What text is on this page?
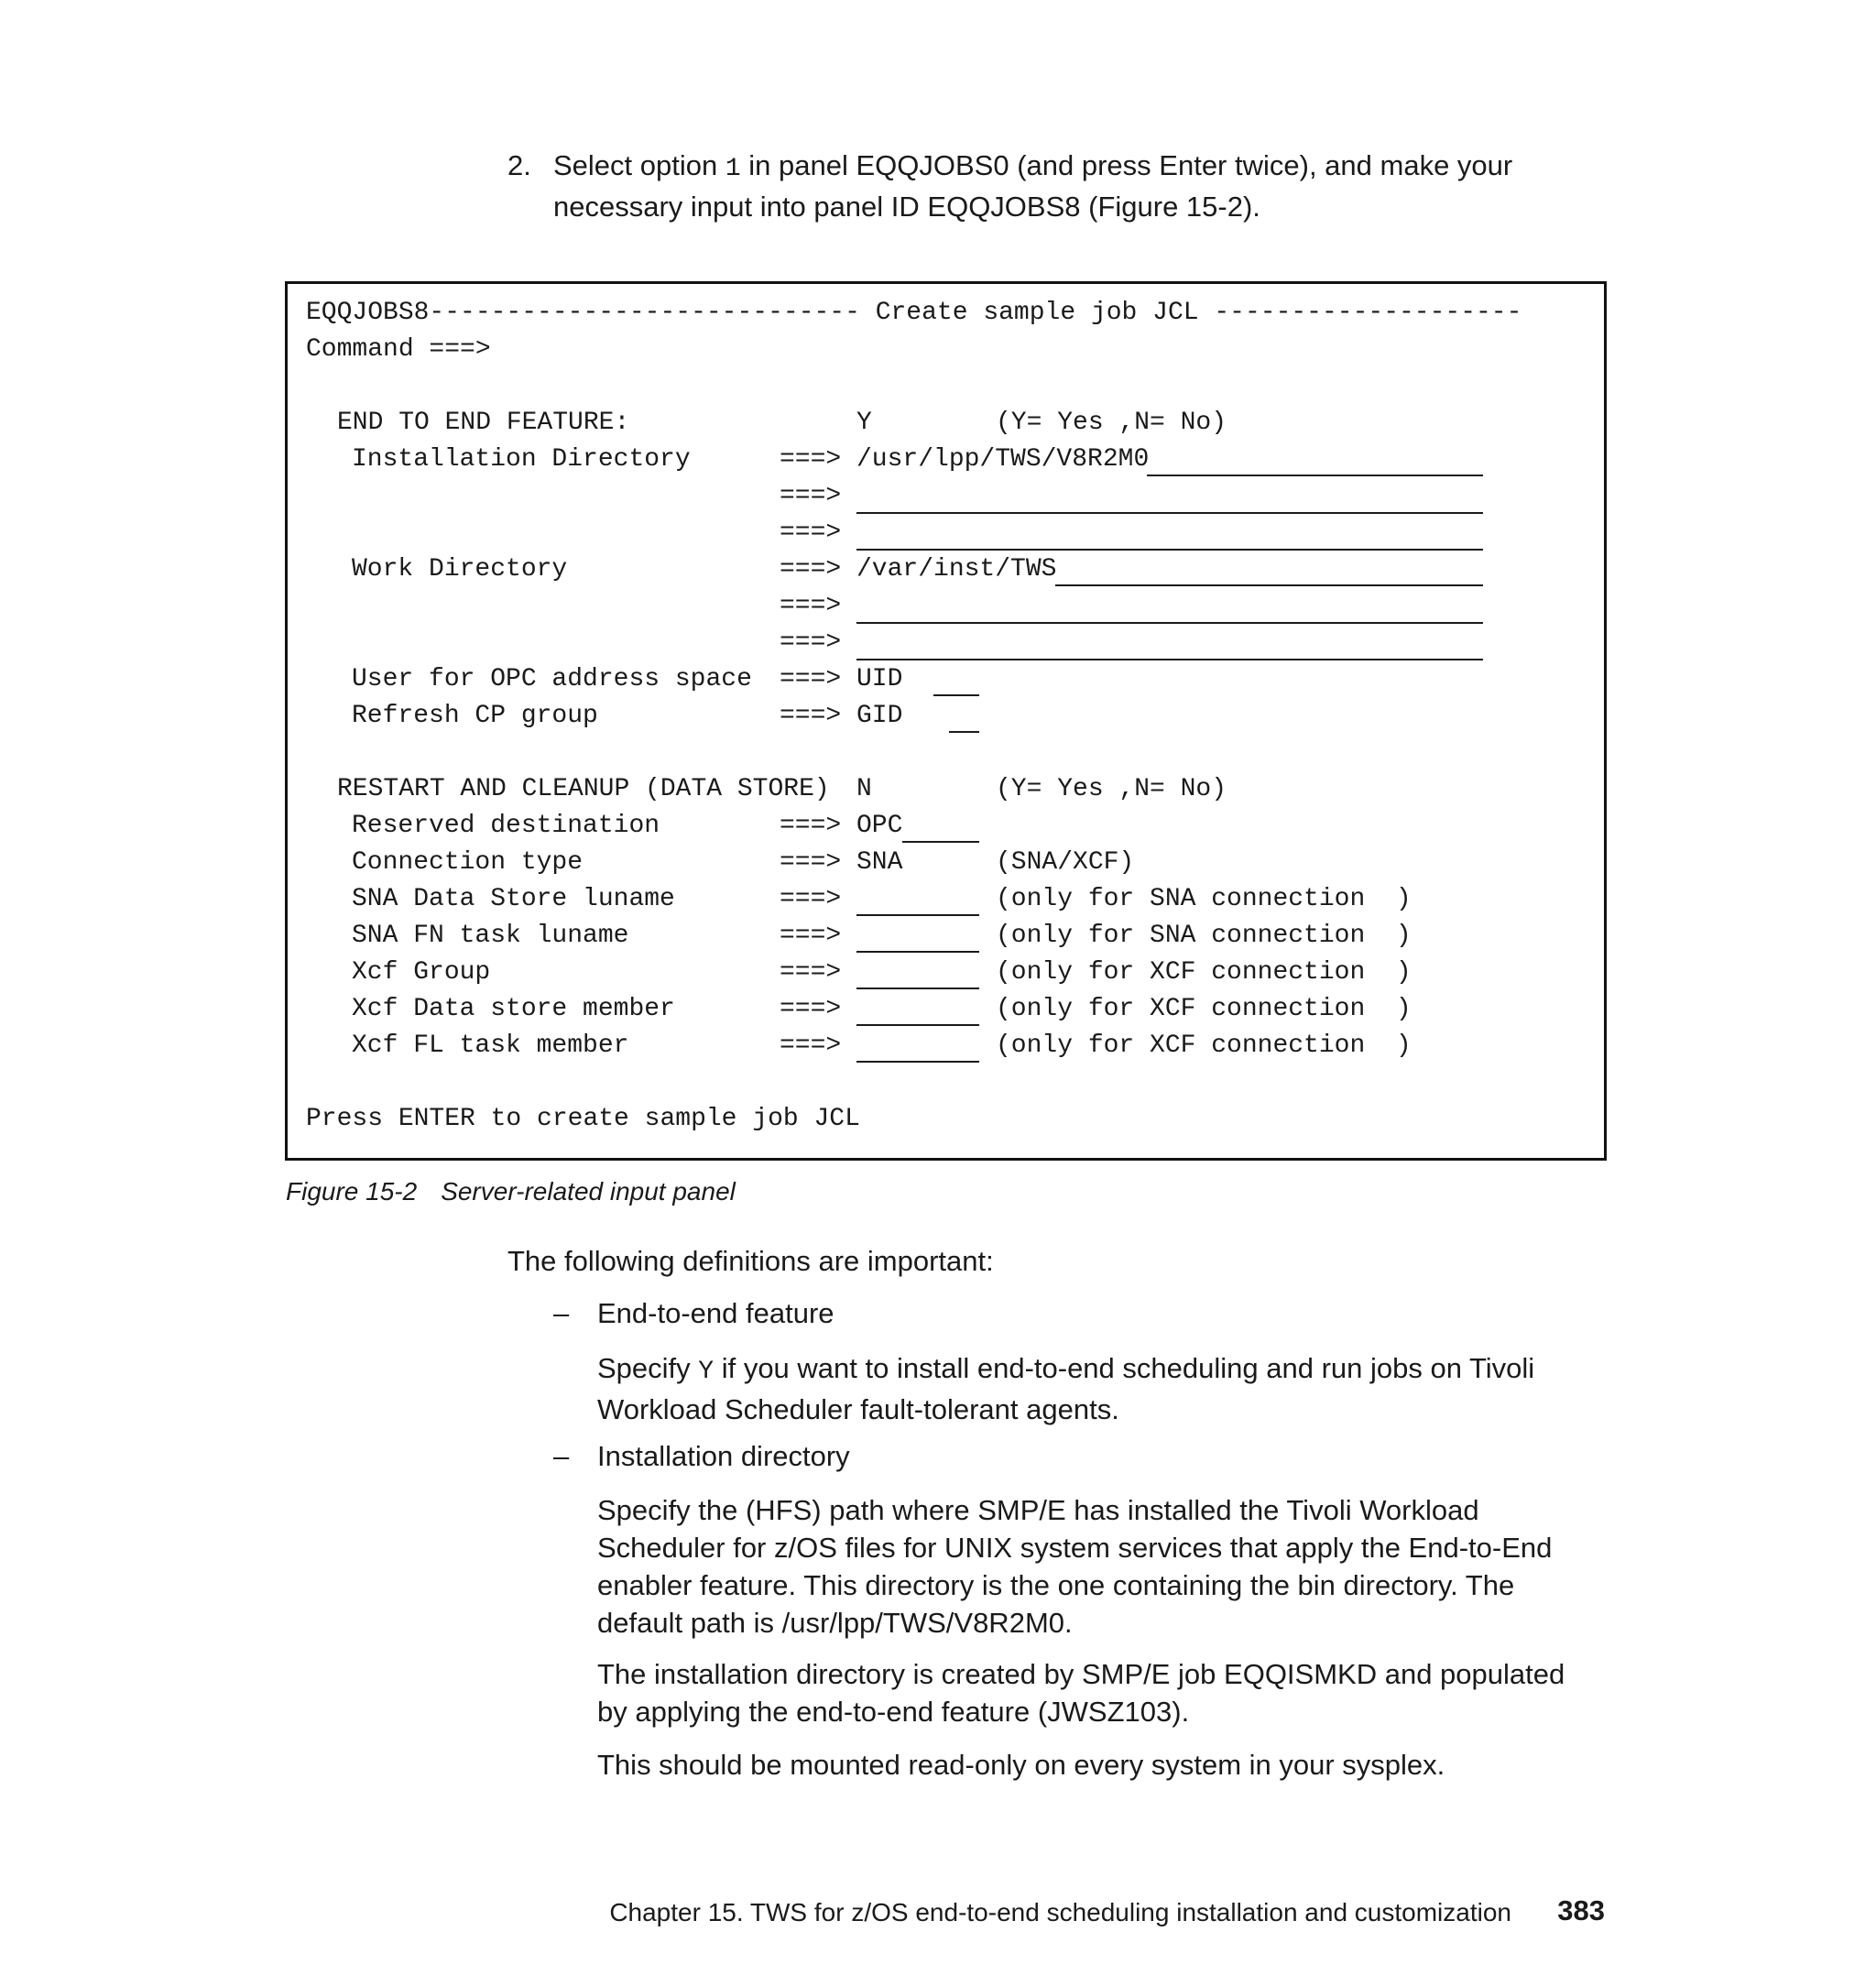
2. Select option 1 in panel EQQJOBS0 (and press Enter twice), and make your necessary input into panel ID EQQJOBS8 (Figure 15-2).
EQQJOBS8---------------------------- Create sample job JCL --------------------
Command ===>
END TO END FEATURE:	Y	(Y= Yes ,N= No)
Installation Directory	===> /usr/lpp/TWS/V8R2M0
===>
===>
Work Directory	===> /var/inst/TWS
===>
===>
User for OPC address space ===> UID
Refresh CP group	===> GID
RESTART AND CLEANUP (DATA STORE) N	(Y= Yes ,N= No)
Reserved destination	===> OPC
Connection type	===> SNA	(SNA/XCF)
SNA Data Store luname	===>	(only for SNA connection  )
SNA FN task luname	===>	(only for SNA connection  )
Xcf Group	===>	(only for XCF connection  )
Xcf Data store member	===>	(only for XCF connection  )
Xcf FL task member	===>	(only for XCF connection  )
Press ENTER to create sample job JCL
Figure 15-2 Server-related input panel
The following definitions are important:
– End-to-end feature
Specify Y if you want to install end-to-end scheduling and run jobs on Tivoli Workload Scheduler fault-tolerant agents.
– Installation directory
Specify the (HFS) path where SMP/E has installed the Tivoli Workload Scheduler for z/OS files for UNIX system services that apply the End-to-End enabler feature. This directory is the one containing the bin directory. The default path is /usr/lpp/TWS/V8R2M0.
The installation directory is created by SMP/E job EQQISMKD and populated by applying the end-to-end feature (JWSZ103).
This should be mounted read-only on every system in your sysplex.
Chapter 15. TWS for z/OS end-to-end scheduling installation and customization 383
